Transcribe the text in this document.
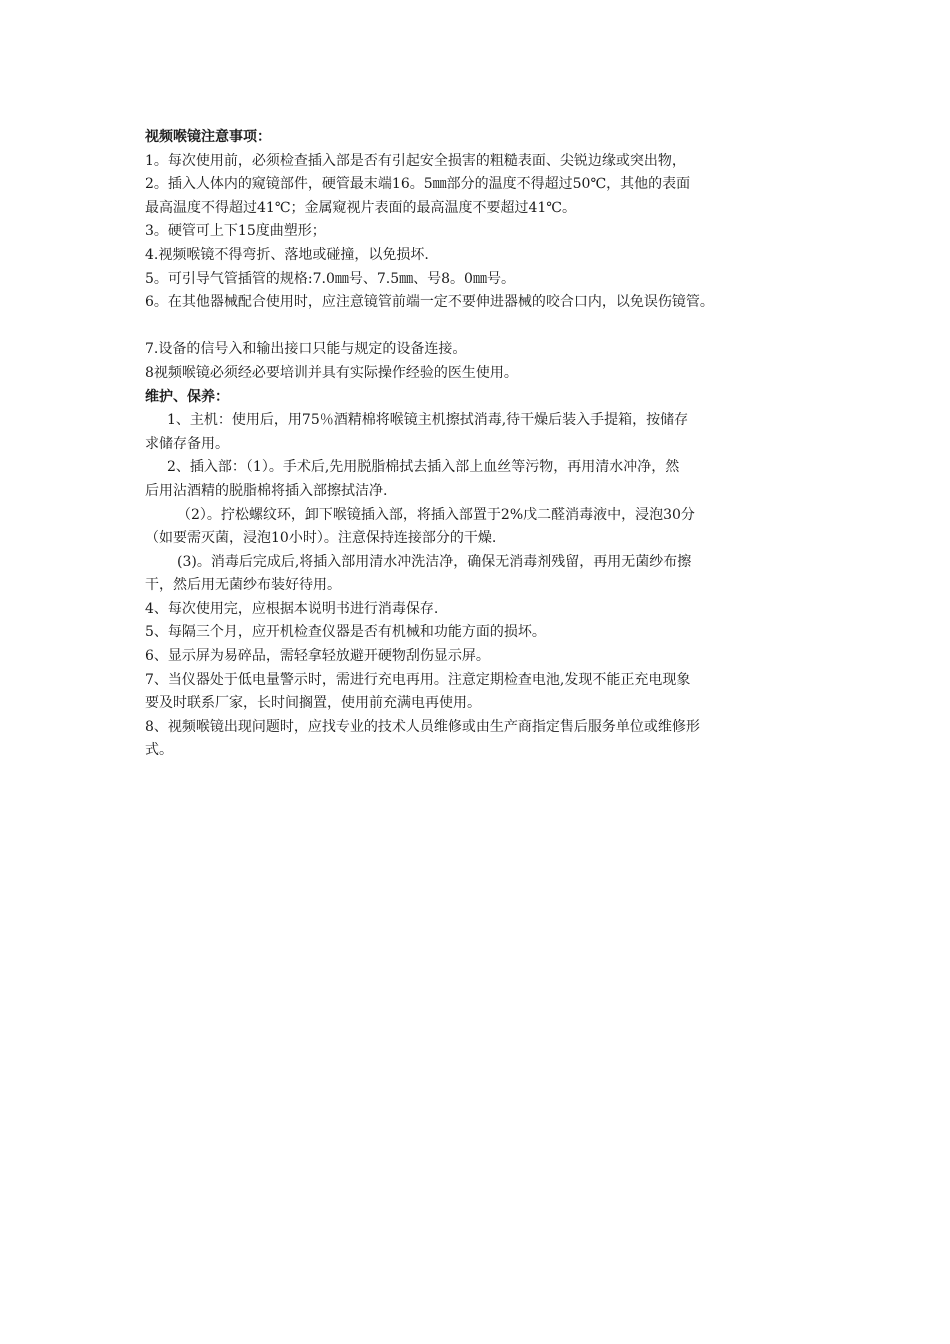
视频喉镜注意事项：
1。每次使用前，必须检查插入部是否有引起安全损害的粗糙表面、尖锐边缘或突出物，
2。插入人体内的窥镜部件，硬管最末端16。5㎜部分的温度不得超过50℃，其他的表面
最高温度不得超过41℃；金属窥视片表面的最高温度不要超过41℃。
3。硬管可上下15度曲塑形；
4.视频喉镜不得弯折、落地或碰撞，以免损坏.
5。可引导气管插管的规格:7.0㎜号、7.5㎜、号8。0㎜号。
6。在其他器械配合使用时，应注意镜管前端一定不要伸进器械的咬合口内，以免误伤镜管。
7.设备的信号入和输出接口只能与规定的设备连接。
8视频喉镜必须经必要培训并具有实际操作经验的医生使用。
维护、保养：
1、主机：使用后，用75％酒精棉将喉镜主机擦拭消毒,待干燥后装入手提箱，按储存
求储存备用。
2、插入部：（1）。手术后,先用脱脂棉拭去插入部上血丝等污物，再用清水冲净，然
后用沾酒精的脱脂棉将插入部擦拭洁净.
（2）。拧松螺纹环，卸下喉镜插入部，将插入部置于2%戊二醛消毒液中，浸泡30分
（如要需灭菌，浸泡10小时）。注意保持连接部分的干燥.
(3)。消毒后完成后,将插入部用清水冲洗洁净，确保无消毒剂残留，再用无菌纱布擦
干，然后用无菌纱布装好待用。
4、每次使用完，应根据本说明书进行消毒保存.
5、每隔三个月，应开机检查仪器是否有机械和功能方面的损坏。
6、显示屏为易碎品，需轻拿轻放避开硬物刮伤显示屏。
7、当仪器处于低电量警示时，需进行充电再用。注意定期检查电池,发现不能正充电现象
要及时联系厂家，长时间搁置，使用前充满电再使用。
8、视频喉镜出现问题时，应找专业的技术人员维修或由生产商指定售后服务单位或维修形
式。
